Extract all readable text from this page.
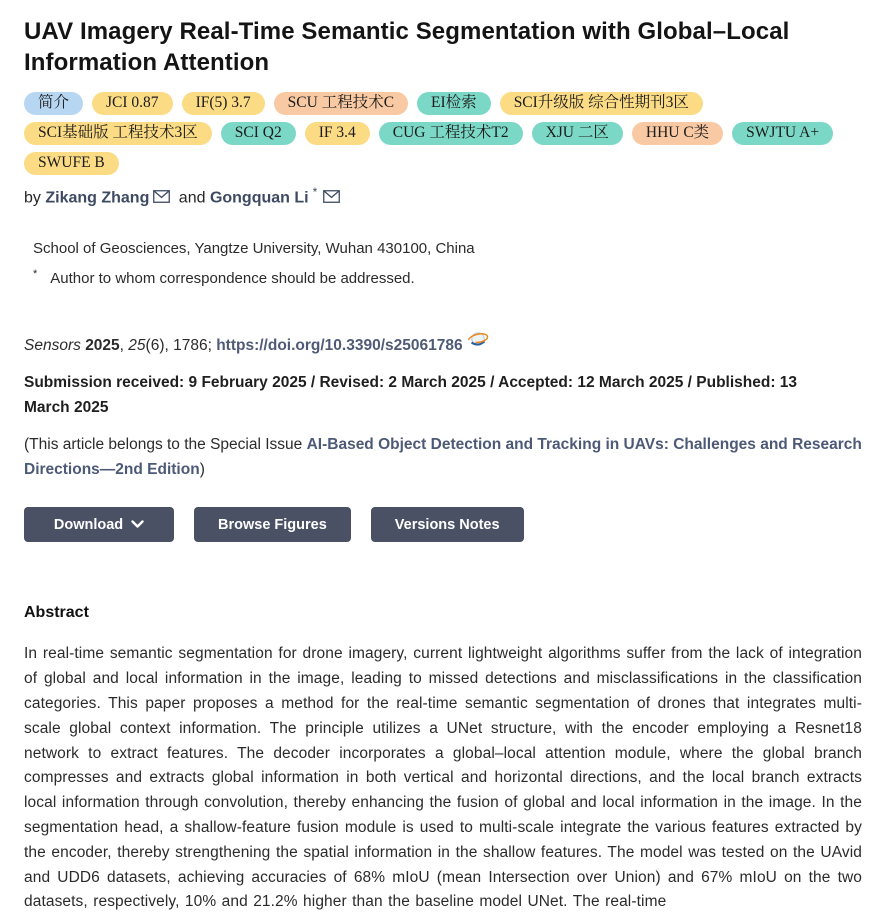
UAV Imagery Real-Time Semantic Segmentation with Global–Local Information Attention
简介	JCI 0.87	IF(5) 3.7	SCU 工程技术C	EI检索	SCI升级版 综合性期刊3区
SCI基础版 工程技术3区	SCI Q2	IF 3.4	CUG 工程技术T2	XJU 二区	HHU C类	SWJTU A+
SWUFE B
by Zikang Zhang and Gongquan Li *
School of Geosciences, Yangtze University, Wuhan 430100, China
* Author to whom correspondence should be addressed.
Sensors 2025, 25(6), 1786; https://doi.org/10.3390/s25061786
Submission received: 9 February 2025 / Revised: 2 March 2025 / Accepted: 12 March 2025 / Published: 13 March 2025
(This article belongs to the Special Issue AI-Based Object Detection and Tracking in UAVs: Challenges and Research Directions—2nd Edition)
Download	Browse Figures	Versions Notes
Abstract

In real-time semantic segmentation for drone imagery, current lightweight algorithms suffer from the lack of integration of global and local information in the image, leading to missed detections and misclassifications in the classification categories. This paper proposes a method for the real-time semantic segmentation of drones that integrates multi-scale global context information. The principle utilizes a UNet structure, with the encoder employing a Resnet18 network to extract features. The decoder incorporates a global–local attention module, where the global branch compresses and extracts global information in both vertical and horizontal directions, and the local branch extracts local information through convolution, thereby enhancing the fusion of global and local information in the image. In the segmentation head, a shallow-feature fusion module is used to multi-scale integrate the various features extracted by the encoder, thereby strengthening the spatial information in the shallow features. The model was tested on the UAvid and UDD6 datasets, achieving accuracies of 68% mIoU (mean Intersection over Union) and 67% mIoU on the two datasets, respectively, 10% and 21.2% higher than the baseline model UNet. The real-time
